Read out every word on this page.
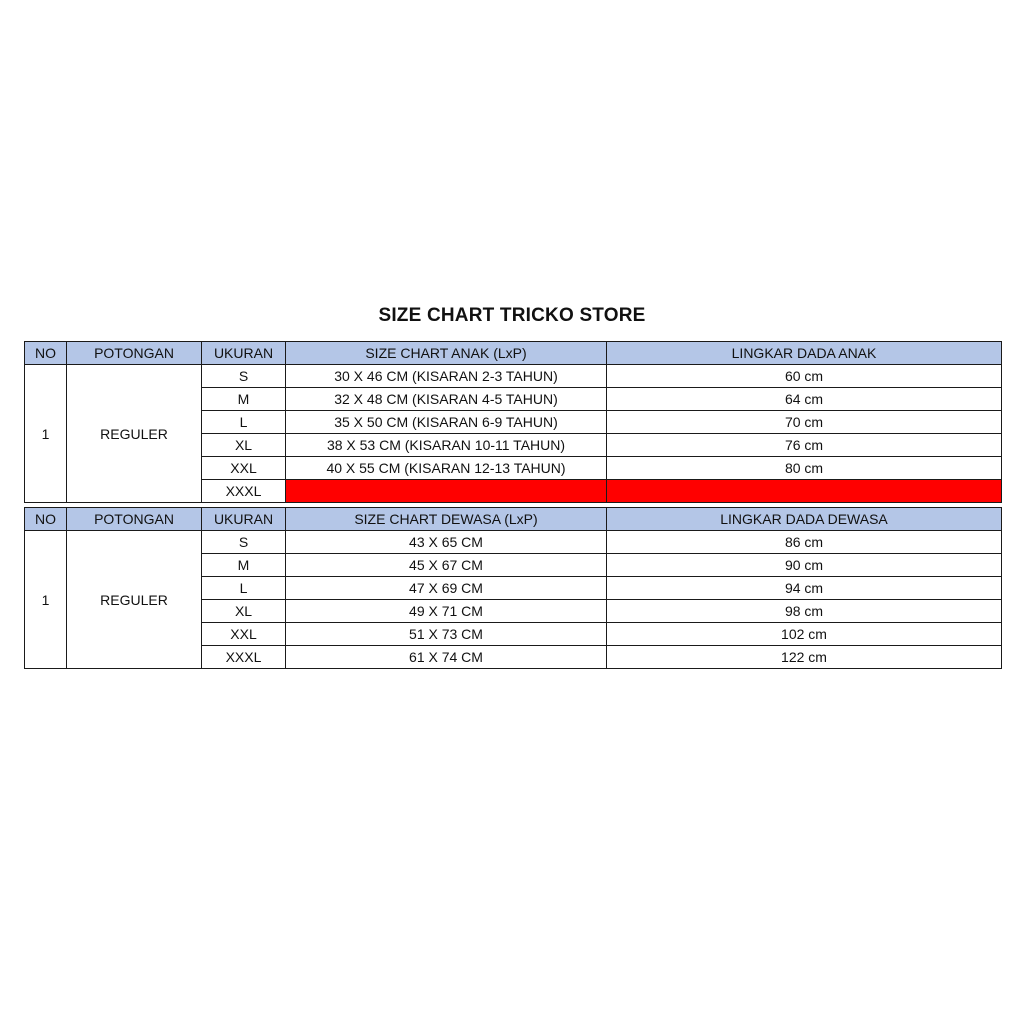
SIZE CHART TRICKO STORE
NO	POTONGAN	UKURAN	SIZE CHART ANAK (LxP)	LINGKAR DADA ANAK
1	REGULER	S	30 X 46 CM (KISARAN 2-3 TAHUN)	60 cm
		M	32 X 48 CM (KISARAN 4-5 TAHUN)	64 cm
		L	35 X 50 CM (KISARAN 6-9 TAHUN)	70 cm
		XL	38 X 53 CM (KISARAN 10-11 TAHUN)	76 cm
		XXL	40 X 55 CM (KISARAN 12-13 TAHUN)	80 cm
		XXXL		
NO	POTONGAN	UKURAN	SIZE CHART DEWASA (LxP)	LINGKAR DADA DEWASA
1	REGULER	S	43 X 65 CM	86 cm
		M	45 X 67 CM	90 cm
		L	47 X 69 CM	94 cm
		XL	49 X 71 CM	98 cm
		XXL	51 X 73 CM	102 cm
		XXXL	61 X 74 CM	122 cm
